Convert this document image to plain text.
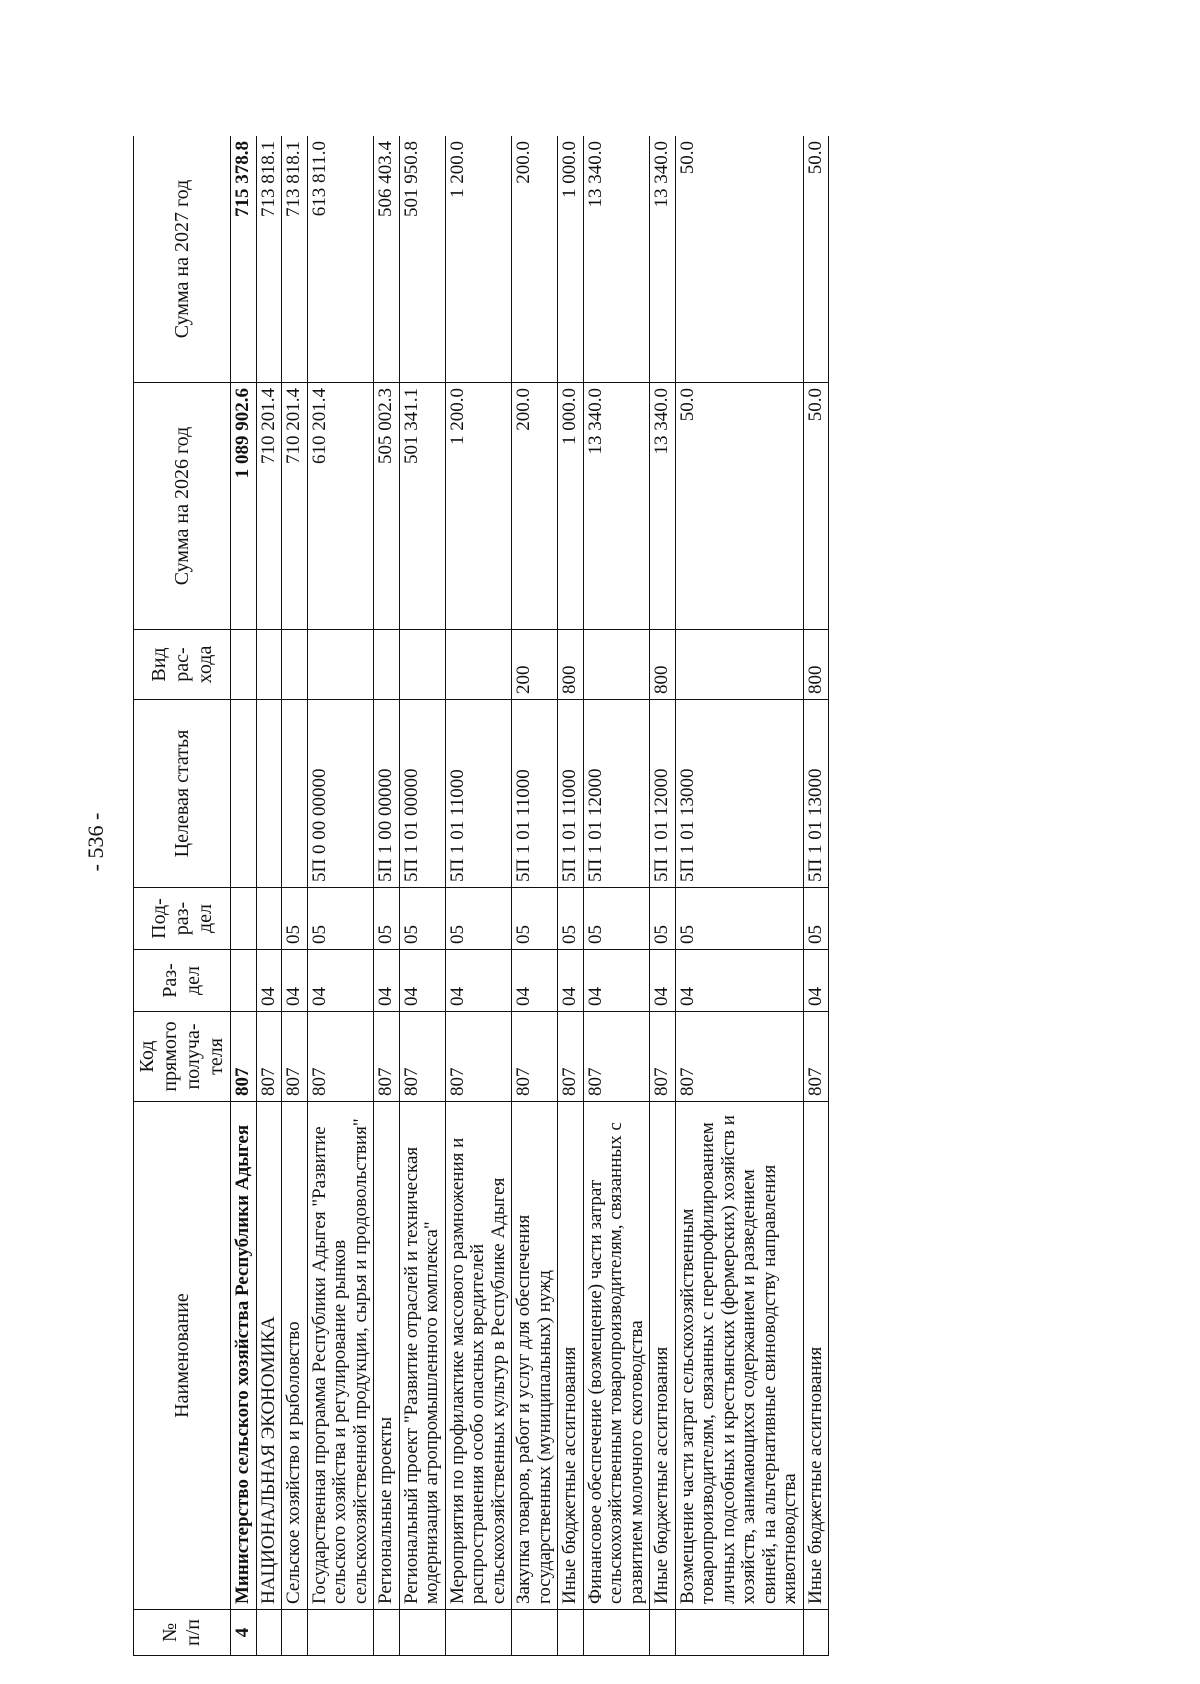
- 536 -
№ п/п	Наименование	Код прямого получа-теля	Раз-дел	Под-раз-дел	Целевая статья	Вид рас-хода	Сумма на 2026 год	Сумма на 2027 год
4	Министерство сельского хозяйства Республики Адыгея	807					1 089 902.6	715 378.8
	НАЦИОНАЛЬНАЯ ЭКОНОМИКА	807	04				710 201.4	713 818.1
	Сельское хозяйство и рыболовство	807	04	05			710 201.4	713 818.1
	Государственная программа Республики Адыгея "Развитие сельского хозяйства и регулирование рынков сельскохозяйственной продукции, сырья и продовольствия"	807	04	05	5П 0 00 00000		610 201.4	613 811.0
	Региональные проекты	807	04	05	5П 1 00 00000		505 002.3	506 403.4
	Региональный проект "Развитие отраслей и техническая модернизация агропромышленного комплекса"	807	04	05	5П 1 01 00000		501 341.1	501 950.8
	Мероприятия по профилактике массового размножения и распространения особо опасных вредителей сельскохозяйственных культур в Республике Адыгея	807	04	05	5П 1 01 11000		1 200.0	1 200.0
	Закупка товаров, работ и услуг для обеспечения государственных (муниципальных) нужд	807	04	05	5П 1 01 11000	200	200.0	200.0
	Иные бюджетные ассигнования	807	04	05	5П 1 01 11000	800	1 000.0	1 000.0
	Финансовое обеспечение (возмещение) части затрат сельскохозяйственным товаропроизводителям, связанных с развитием молочного скотоводства	807	04	05	5П 1 01 12000		13 340.0	13 340.0
	Иные бюджетные ассигнования	807	04	05	5П 1 01 12000	800	13 340.0	13 340.0
	Возмещение части затрат сельскохозяйственным товаропроизводителям, связанных с перепрофилированием личных подсобных и крестьянских (фермерских) хозяйств и хозяйств, занимающихся содержанием и разведением свиней, на альтернативные свиноводству направления животноводства	807	04	05	5П 1 01 13000		50.0	50.0
	Иные бюджетные ассигнования	807	04	05	5П 1 01 13000	800	50.0	50.0
